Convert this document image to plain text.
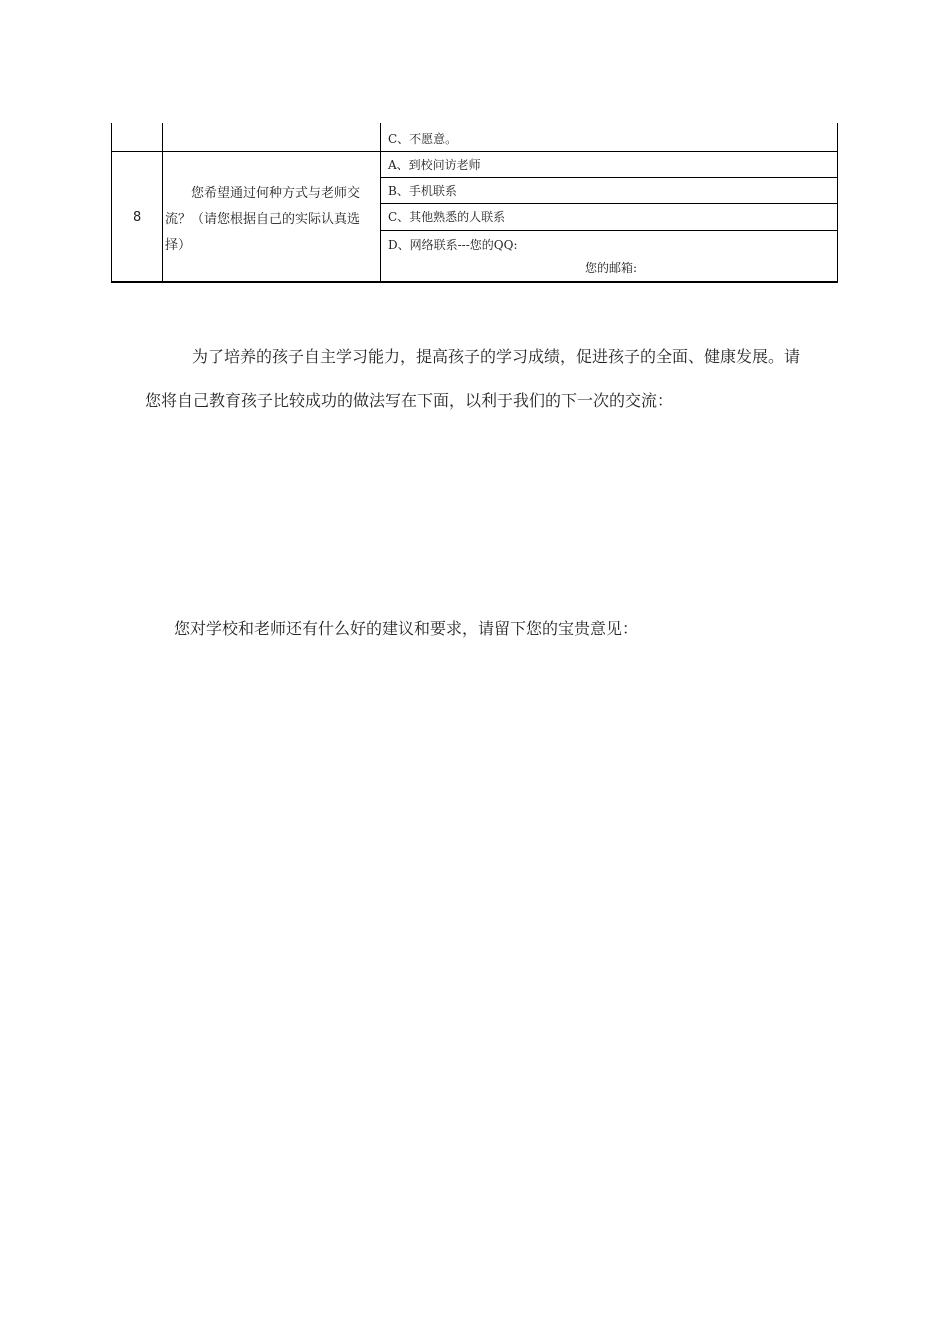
C、不愿意。
8
您希望通过何种方式与老师交流？（请您根据自己的实际认真选择）
A、到校问访老师
B、手机联系
C、其他熟悉的人联系
D、网络联系---您的QQ:
您的邮箱:
为了培养的孩子自主学习能力，提高孩子的学习成绩，促进孩子的全面、健康发展。请
您将自己教育孩子比较成功的做法写在下面，以利于我们的下一次的交流：
您对学校和老师还有什么好的建议和要求，请留下您的宝贵意见：
